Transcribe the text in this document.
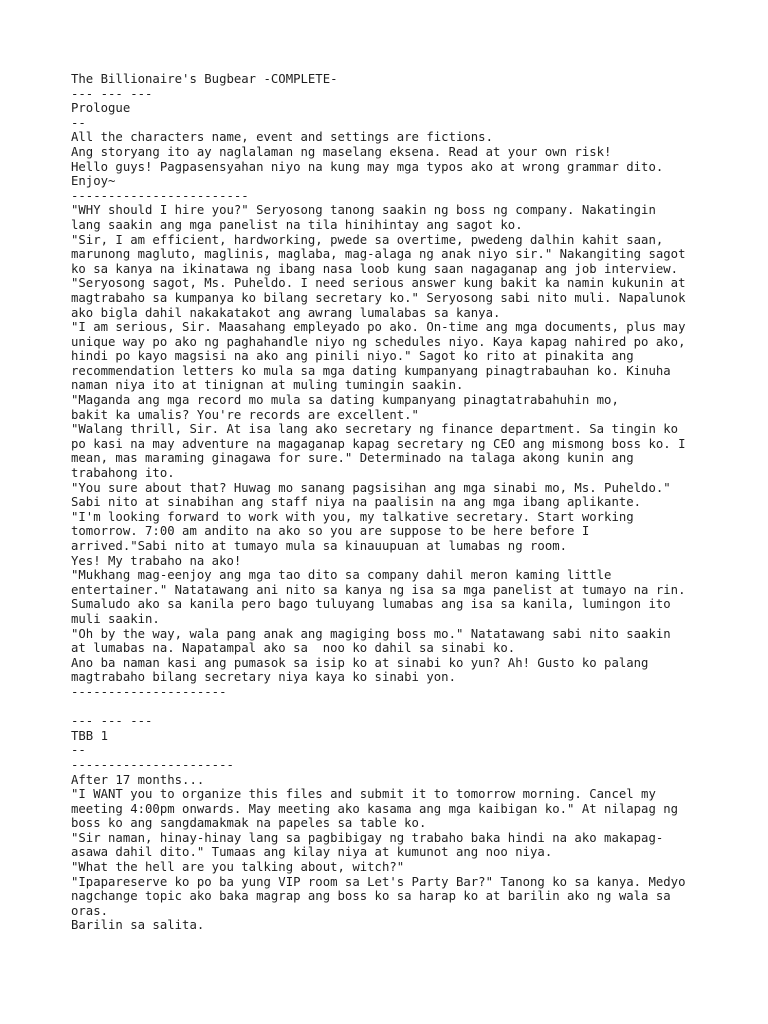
The Billionaire's Bugbear -COMPLETE-
--- --- ---
Prologue
--
All the characters name, event and settings are fictions.
Ang storyang ito ay naglalaman ng maselang eksena. Read at your own risk!
Hello guys! Pagpasensyahan niyo na kung may mga typos ako at wrong grammar dito.
Enjoy~
------------------------
"WHY should I hire you?" Seryosong tanong saakin ng boss ng company. Nakatingin
lang saakin ang mga panelist na tila hinihintay ang sagot ko.
"Sir, I am efficient, hardworking, pwede sa overtime, pwedeng dalhin kahit saan,
marunong magluto, maglinis, maglaba, mag-alaga ng anak niyo sir." Nakangiting sagot
ko sa kanya na ikinatawa ng ibang nasa loob kung saan nagaganap ang job interview.
"Seryosong sagot, Ms. Puheldo. I need serious answer kung bakit ka namin kukunin at
magtrabaho sa kumpanya ko bilang secretary ko." Seryosong sabi nito muli. Napalunok
ako bigla dahil nakakatakot ang awrang lumalabas sa kanya.
"I am serious, Sir. Maasahang empleyado po ako. On-time ang mga documents, plus may
unique way po ako ng paghahandle niyo ng schedules niyo. Kaya kapag nahired po ako,
hindi po kayo magsisi na ako ang pinili niyo." Sagot ko rito at pinakita ang
recommendation letters ko mula sa mga dating kumpanyang pinagtrabauhan ko. Kinuha
naman niya ito at tinignan at muling tumingin saakin.
"Maganda ang mga record mo mula sa dating kumpanyang pinagtatrabahuhin mo,
bakit ka umalis? You're records are excellent."
"Walang thrill, Sir. At isa lang ako secretary ng finance department. Sa tingin ko
po kasi na may adventure na magaganap kapag secretary ng CEO ang mismong boss ko. I
mean, mas maraming ginagawa for sure." Determinado na talaga akong kunin ang
trabahong ito.
"You sure about that? Huwag mo sanang pagsisihan ang mga sinabi mo, Ms. Puheldo."
Sabi nito at sinabihan ang staff niya na paalisin na ang mga ibang aplikante.
"I'm looking forward to work with you, my talkative secretary. Start working
tomorrow. 7:00 am andito na ako so you are suppose to be here before I
arrived."Sabi nito at tumayo mula sa kinauupuan at lumabas ng room.
Yes! My trabaho na ako!
"Mukhang mag-eenjoy ang mga tao dito sa company dahil meron kaming little
entertainer." Natatawang ani nito sa kanya ng isa sa mga panelist at tumayo na rin.
Sumaludo ako sa kanila pero bago tuluyang lumabas ang isa sa kanila, lumingon ito
muli saakin.
"Oh by the way, wala pang anak ang magiging boss mo." Natatawang sabi nito saakin
at lumabas na. Napatampal ako sa  noo ko dahil sa sinabi ko.
Ano ba naman kasi ang pumasok sa isip ko at sinabi ko yun? Ah! Gusto ko palang
magtrabaho bilang secretary niya kaya ko sinabi yon.
---------------------
--- --- ---
TBB 1
--
----------------------
After 17 months...
"I WANT you to organize this files and submit it to tomorrow morning. Cancel my
meeting 4:00pm onwards. May meeting ako kasama ang mga kaibigan ko." At nilapag ng
boss ko ang sangdamakmak na papeles sa table ko.
"Sir naman, hinay-hinay lang sa pagbibigay ng trabaho baka hindi na ako makapag-
asawa dahil dito." Tumaas ang kilay niya at kumunot ang noo niya.
"What the hell are you talking about, witch?"
"Ipapareserve ko po ba yung VIP room sa Let's Party Bar?" Tanong ko sa kanya. Medyo
nagchange topic ako baka magrap ang boss ko sa harap ko at barilin ako ng wala sa
oras.
Barilin sa salita.
